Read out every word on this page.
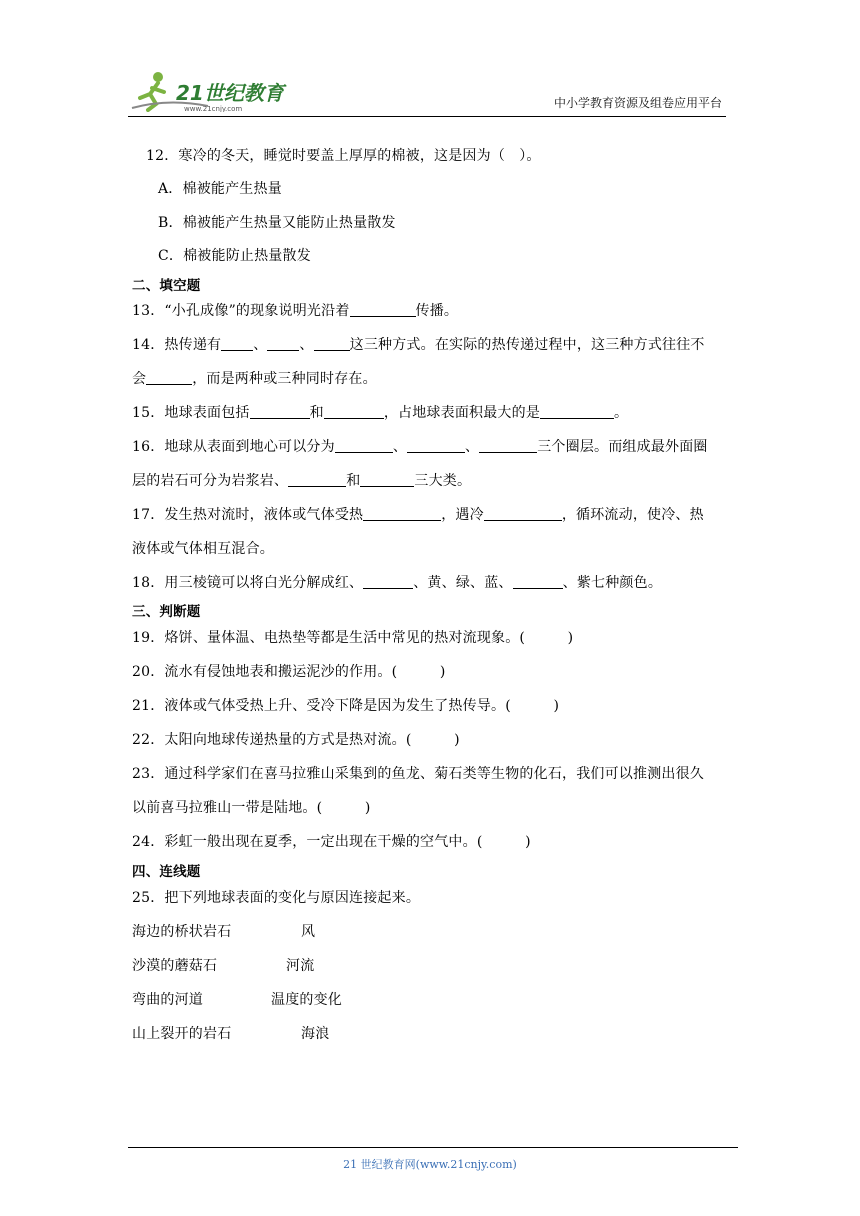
21世纪教育
www.21cnjy.com	中小学教育资源及组卷应用平台
12．寒冷的冬天，睡觉时要盖上厚厚的棉被，这是因为（　）。
A．棉被能产生热量
B．棉被能产生热量又能防止热量散发
C．棉被能防止热量散发
二、填空题
13．“小孔成像”的现象说明光沿着	传播。
14．热传递有 、 、	这三种方式。在实际的热传递过程中，这三种方式往往不
会	，而是两种或三种同时存在。
15．地球表面包括	和	，占地球表面积最大的是	。
16．地球从表面到地心可以分为	、	、	三个圈层。而组成最外面圈
层的岩石可分为岩浆岩、	和	三大类。
17．发生热对流时，液体或气体受热	，遇冷	，循环流动，使冷、热
液体或气体相互混合。
18．用三棱镜可以将白光分解成红、	、黄、绿、蓝、	、紫七种颜色。
三、判断题
19．烙饼、量体温、电热垫等都是生活中常见的热对流现象。(　　　)
20．流水有侵蚀地表和搬运泥沙的作用。(　　　)
21．液体或气体受热上升、受冷下降是因为发生了热传导。(　　　)
22．太阳向地球传递热量的方式是热对流。(　　　)
23．通过科学家们在喜马拉雅山采集到的鱼龙、菊石类等生物的化石，我们可以推测出很久
以前喜马拉雅山一带是陆地。(　　　)
24．彩虹一般出现在夏季，一定出现在干燥的空气中。(　　　)
四、连线题
25．把下列地球表面的变化与原因连接起来。
海边的桥状岩石	风
沙漠的蘑菇石	河流
弯曲的河道	温度的变化
山上裂开的岩石	海浪
21 世纪教育网(www.21cnjy.com)
